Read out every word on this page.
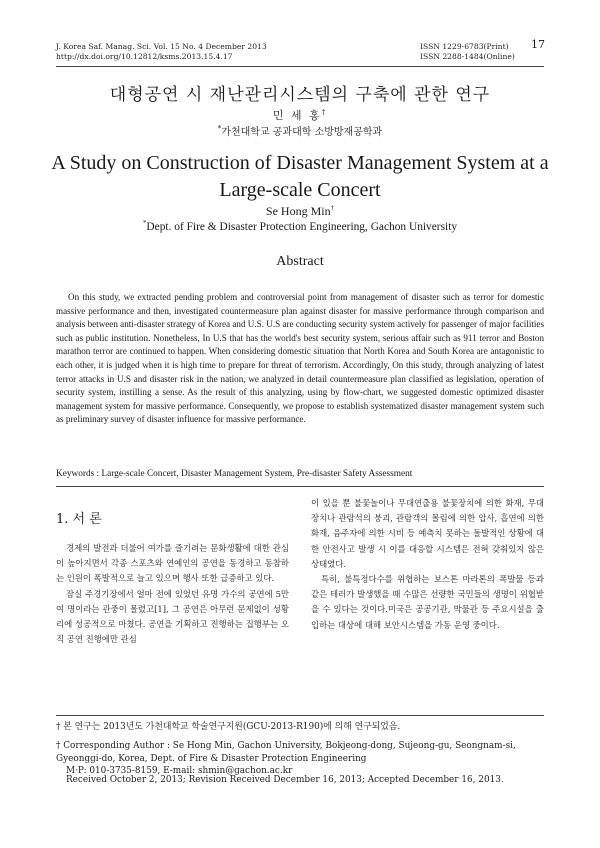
J. Korea Saf. Manag. Sci. Vol. 15 No. 4 December 2013
http://dx.doi.org/10.12812/ksms.2013.15.4.17
ISSN 1229-6783(Print)
ISSN 2288-1484(Online)
17
대형공연 시 재난관리시스템의 구축에 관한 연구
민 세 홍†
*가천대학교 공과대학 소방방재공학과
A Study on Construction of Disaster Management System at a
Large-scale Concert
Se Hong Min†
*Dept. of Fire & Disaster Protection Engineering, Gachon University
Abstract
On this study, we extracted pending problem and controversial point from management of disaster such as terror for domestic massive performance and then, investigated countermeasure plan against disaster for massive performance through comparison and analysis between anti-disaster strategy of Korea and U.S. U.S are conducting security system actively for passenger of major facilities such as public institution. Nonetheless, In U.S that has the world's best security system, serious affair such as 911 terror and Boston marathon terror are continued to happen. When considering domestic situation that North Korea and South Korea are antagonistic to each other, it is judged when it is high time to prepare for threat of terrorism. Accordingly, On this study, through analyzing of latest terror attacks in U.S and disaster risk in the nation, we analyzed in detail countermeasure plan classified as legislation, operation of security system, instilling a sense. As the result of this analyzing, using by flow-chart, we suggested domestic optimized disaster management system for massive performance. Consequently, we propose to establish systematized disaster management system such as preliminary survey of disaster influence for massive performance.
Keywords : Large-scale Concert, Disaster Management System, Pre-disaster Safety Assessment
1. 서 론

경제의 발전과 더불어 여가를 즐기려는 문화생활에 대한 관심이 높아지면서 각종 스포츠와 연예인의 공연을 동경하고 동참하는 인원이 폭발적으로 늘고 있으며 행사 또한 급증하고 있다.

잠실 주경기장에서 얼마 전에 있었던 유명 가수의 공연에 5만여 명이라는 관중이 몰렸고[1], 그 공연은 아무런 문제없이 성황리에 성공적으로 마쳤다. 공연을 기획하고 진행하는 집행부는 오직 공연 진행에만 관심

이 있을 뿐 불꽃놀이나 무대연출용 불꽃장치에 의한 화재, 무대장치나 관람석의 붕괴, 관람객의 몰림에 의한 압사, 흡연에 의한 화재, 음주자에 의한 시비 등 예측치 못하는 돌발적인 상황에 대한 안전사고 발생 시 이를 대응할 시스템은 전혀 갖춰있지 않은 상태였다.

특히, 불특정다수를 위협하는 보스톤 마라톤의 폭발물 등과 같은 테러가 발생했을 때 수많은 선량한 국민들의 생명이 위협받을 수 있다는 것이다.미국은 공공기관, 박물관 등 주요시설을 출입하는 대상에 대해 보안시스템을 가동 운영 중이다.

† 본 연구는 2013년도 가천대학교 학술연구지원(GCU-2013-R190)에 의해 연구되었음.
† Corresponding Author : Se Hong Min, Gachon University, Bokjeong-dong, Sujeong-gu, Seongnam-si, Gyeonggi-do, Korea, Dept. of Fire & Disaster Protection Engineering
M·P: 010-3735-8159, E-mail: shmin@gachon.ac.kr
Received October 2, 2013; Revision Received December 16, 2013; Accepted December 16, 2013.
